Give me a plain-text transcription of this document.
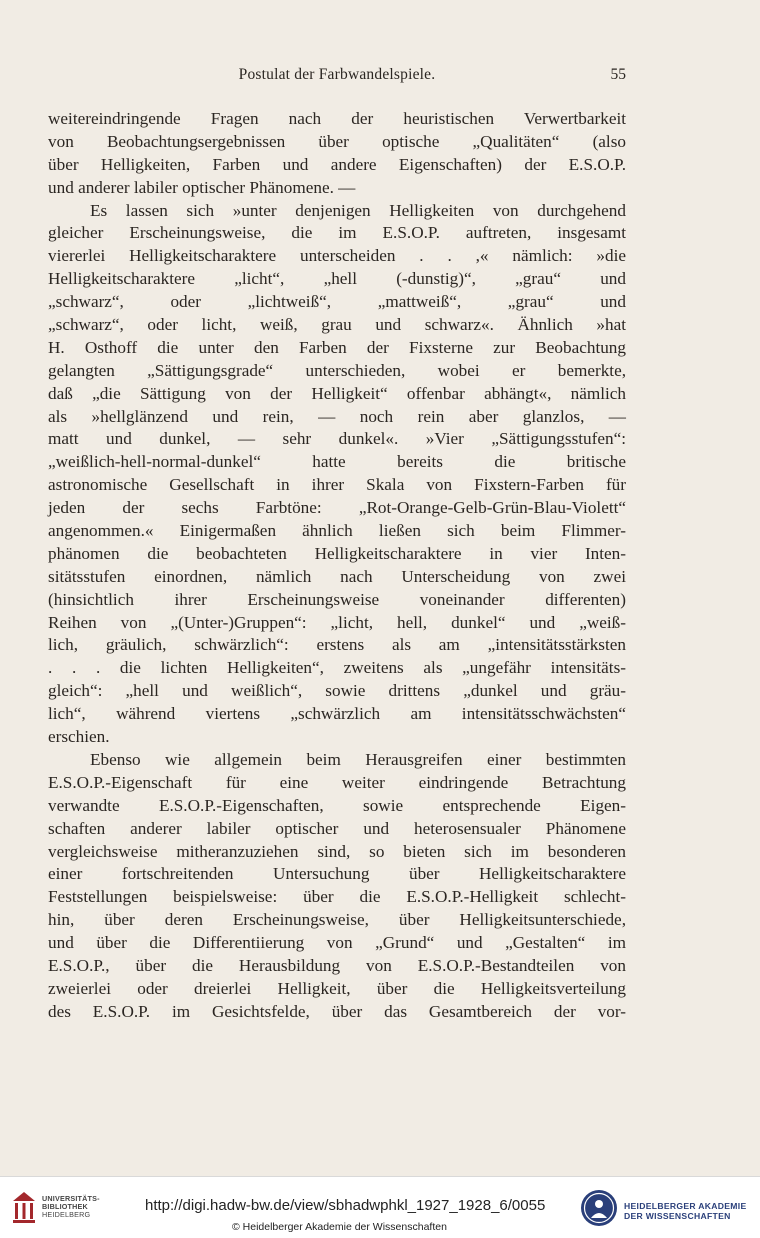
Postulat der Farbwandelspiele.	55

weitereindringende Fragen nach der heuristischen Verwertbarkeit
von Beobachtungsergebnissen über optische „Qualitäten“ (also
über Helligkeiten, Farben und andere Eigenschaften) der E.S.O.P.
und anderer labiler optischer Phänomene. —

Es lassen sich »unter denjenigen Helligkeiten von durchgehend
gleicher Erscheinungsweise, die im E.S.O.P. auftreten, insgesamt
viererlei Helligkeitscharaktere unterscheiden . . ,« nämlich: »die
Helligkeitscharaktere „licht“, „hell (-dunstig)“, „grau“ und
„schwarz“, oder „lichtweiß“, „mattweiß“, „grau“ und
„schwarz“, oder licht, weiß, grau und schwarz«. Ähnlich »hat
H. Osthoff die unter den Farben der Fixsterne zur Beobachtung
gelangten „Sättigungsgrade“ unterschieden, wobei er bemerkte,
daß „die Sättigung von der Helligkeit“ offenbar abhängt«, nämlich
als »hellglänzend und rein, — noch rein aber glanzlos, —
matt und dunkel, — sehr dunkel«. »Vier „Sättigungsstufen“:
„weißlich-hell-normal-dunkel“ hatte bereits die britische
astronomische Gesellschaft in ihrer Skala von Fixstern-Farben für
jeden der sechs Farbtöne: „Rot-Orange-Gelb-Grün-Blau-Violett“
angenommen.« Einigermaßen ähnlich ließen sich beim Flimmer-
phänomen die beobachteten Helligkeitscharaktere in vier Inten-
sitätsstufen einordnen, nämlich nach Unterscheidung von zwei
(hinsichtlich ihrer Erscheinungsweise voneinander differenten)
Reihen von „(Unter-)Gruppen“: „licht, hell, dunkel“ und „weiß-
lich, gräulich, schwärzlich“: erstens als am „intensitätsstärksten
. . . die lichten Helligkeiten“, zweitens als „ungefähr intensitäts-
gleich“: „hell und weißlich“, sowie drittens „dunkel und gräu-
lich“, während viertens „schwärzlich am intensitätsschwächsten“
erschien.

Ebenso wie allgemein beim Herausgreifen einer bestimmten
E.S.O.P.-Eigenschaft für eine weiter eindringende Betrachtung
verwandte E.S.O.P.-Eigenschaften, sowie entsprechende Eigen-
schaften anderer labiler optischer und heterosensualer Phänomene
vergleichsweise mitheranzuziehen sind, so bieten sich im besonderen
einer fortschreitenden Untersuchung über Helligkeitscharaktere
Feststellungen beispielsweise: über die E.S.O.P.-Helligkeit schlecht-
hin, über deren Erscheinungsweise, über Helligkeitsunterschiede,
und über die Differentiierung von „Grund“ und „Gestalten“ im
E.S.O.P., über die Herausbildung von E.S.O.P.-Bestandteilen von
zweierlei oder dreierlei Helligkeit, über die Helligkeitsverteilung
des E.S.O.P. im Gesichtsfelde, über das Gesamtbereich der vor-

UNIVERSITÄTS-
BIBLIOTHEK
HEIDELBERG
http://digi.hadw-bw.de/view/sbhadwphkl_1927_1928_6/0055
© Heidelberger Akademie der Wissenschaften
HEIDELBERGER AKADEMIE
DER WISSENSCHAFTEN
